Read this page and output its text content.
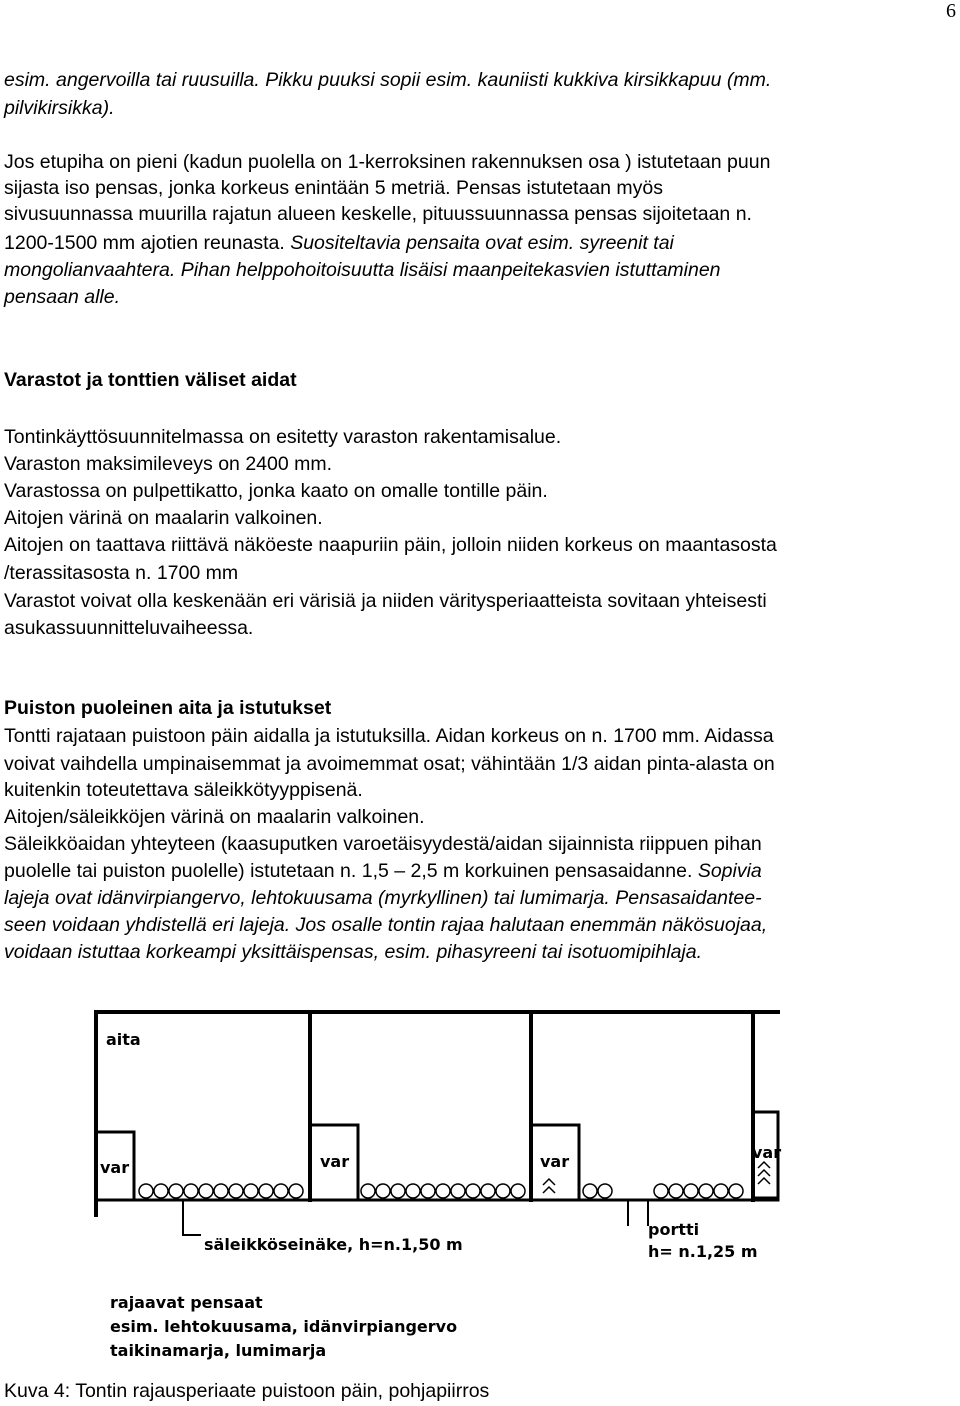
6
esim. angervoilla tai ruusuilla. Pikku puuksi sopii esim. kauniisti kukkiva kirsikkapuu (mm.
pilvikirsikka).
Jos etupiha on pieni (kadun puolella on 1-kerroksinen rakennuksen osa ) istutetaan puun
sijasta iso pensas, jonka korkeus enintään 5 metriä. Pensas istutetaan myös
sivusuunnassa muurilla rajatun alueen keskelle, pituussuunnassa pensas sijoitetaan n.
1200-1500 mm ajotien reunasta. Suositeltavia pensaita ovat esim. syreenit tai
mongolianvaahtera. Pihan helppohoitoisuutta lisäisi maanpeitekasvien istuttaminen
pensaan alle.
Varastot ja tonttien väliset aidat
Tontinkäyttösuunnitelmassa on esitetty varaston rakentamisalue.
Varaston maksimileveys on 2400 mm.
Varastossa on pulpettikatto, jonka kaato on omalle tontille päin.
Aitojen värinä on maalarin valkoinen.
Aitojen on taattava riittävä näköeste naapuriin päin, jolloin niiden korkeus on maantasosta
/terassitasosta n. 1700 mm
Varastot voivat olla keskenään eri värisiä ja niiden väritysperiaatteista sovitaan yhteisesti
asukassuunnitteluvaiheessa.
Puiston puoleinen aita ja istutukset
Tontti rajataan puistoon päin aidalla ja istutuksilla. Aidan korkeus on n. 1700 mm. Aidassa
voivat vaihdella umpinaisemmat ja avoimemmat osat; vähintään 1/3 aidan pinta-alasta on
kuitenkin toteutettava säleikkötyyppisenä.
Aitojen/säleikköjen värinä on maalarin valkoinen.
Säleikköaidan yhteyteen (kaasuputken varoetäisyydestä/aidan sijainnista riippuen pihan
puolelle tai puiston puolelle) istutetaan n. 1,5 – 2,5 m korkuinen pensasaidanne. Sopivia
lajeja ovat idänvirpiangervo, lehtokuusama (myrkyllinen) tai lumimarja. Pensasaidantee-
seen voidaan yhdistellä eri lajeja. Jos osalle tontin rajaa halutaan enemmän näkösuojaa,
voidaan istuttaa korkeampi yksittäispensas, esim. pihasyreeni tai isotuomipihlaja.
aita
var	var	var	var
säleikköseinäke, h=n.1,50 m
portti
h= n.1,25 m
rajaavat pensaat
esim. lehtokuusama, idänvirpiangervo
taikinamarja, lumimarja
Kuva 4: Tontin rajausperiaate puistoon päin, pohjapiirros
